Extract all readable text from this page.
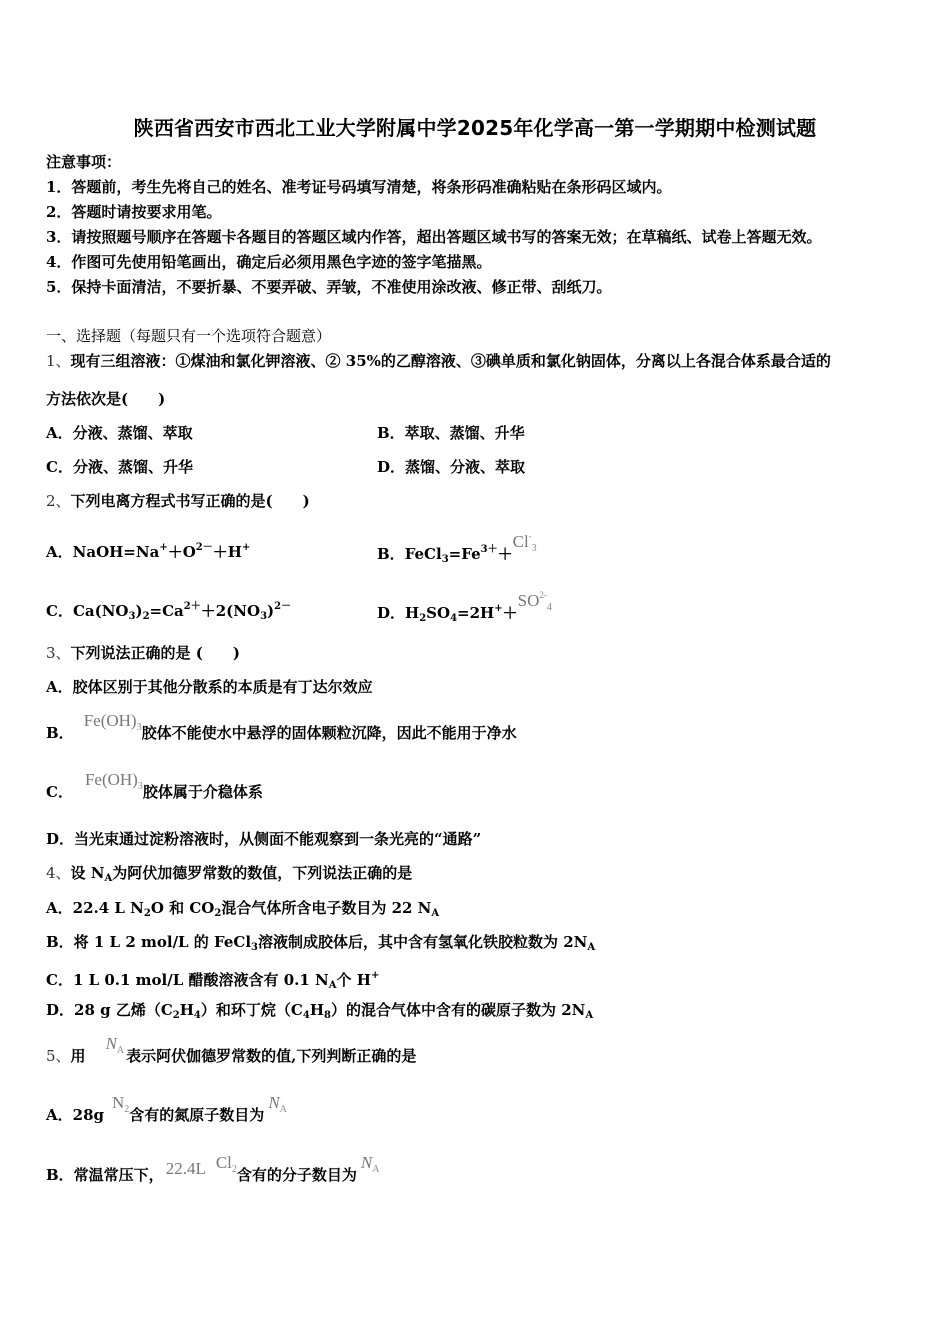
陕西省西安市西北工业大学附属中学2025年化学高一第一学期期中检测试题
注意事项：
1．答题前，考生先将自己的姓名、准考证号码填写清楚，将条形码准确粘贴在条形码区域内。
2．答题时请按要求用笔。
3．请按照题号顺序在答题卡各题目的答题区域内作答，超出答题区域书写的答案无效；在草稿纸、试卷上答题无效。
4．作图可先使用铅笔画出，确定后必须用黑色字迹的签字笔描黑。
5．保持卡面清洁，不要折暴、不要弄破、弄皱，不准使用涂改液、修正带、刮纸刀。
一、选择题（每题只有一个选项符合题意）
1、现有三组溶液：①煤油和氯化钾溶液、② 35%的乙醇溶液、③碘单质和氯化钠固体，分离以上各混合体系最合适的
方法依次是(　　)
A．分液、蒸馏、萃取	B．萃取、蒸馏、升华
C．分液、蒸馏、升华	D．蒸馏、分液、萃取
2、下列电离方程式书写正确的是(　　)
A．$NaOH=Na^++O^{2-}+H^+$	B．$FeCl_3=Fe^{3+}+Cl^-_3$
C．$Ca(NO_3)_2=Ca^{2+}+2(NO_3)^{2-}$	D．$H_2SO_4=2H^++SO^{2-}_4$
3、下列说法正确的是 (　　)
A．胶体区别于其他分散系的本质是有丁达尔效应
B．$Fe(OH)_3$胶体不能使水中悬浮的固体颗粒沉降，因此不能用于净水
C．$Fe(OH)_3$胶体属于介稳体系
D．当光束通过淀粉溶液时，从侧面不能观察到一条光亮的“通路”
4、设 $N_A$为阿伏加德罗常数的数值，下列说法正确的是
A．22.4 L $N_2O$ 和 $CO_2$混合气体所含电子数目为 22 $N_A$
B．将 1 L 2 mol/L 的 FeCl$_3$溶液制成胶体后，其中含有氢氧化铁胶粒数为 $2N_A$
C．1 L 0.1 mol/L 醋酸溶液含有 0.1 $N_A$个 H+
D．28 g 乙烯$(C_2H_4)$和环丁烷$(C_4H_8)$的混合气体中含有的碳原子数为 $2N_A$
5、用$N_A$ 表示阿伏伽德罗常数的值,下列判断正确的是
A．$28gN_2$含有的氮原子数目为$N_A$
B．常温常压下， 22.4L $Cl_2$含有的分子数目为$N_A$
